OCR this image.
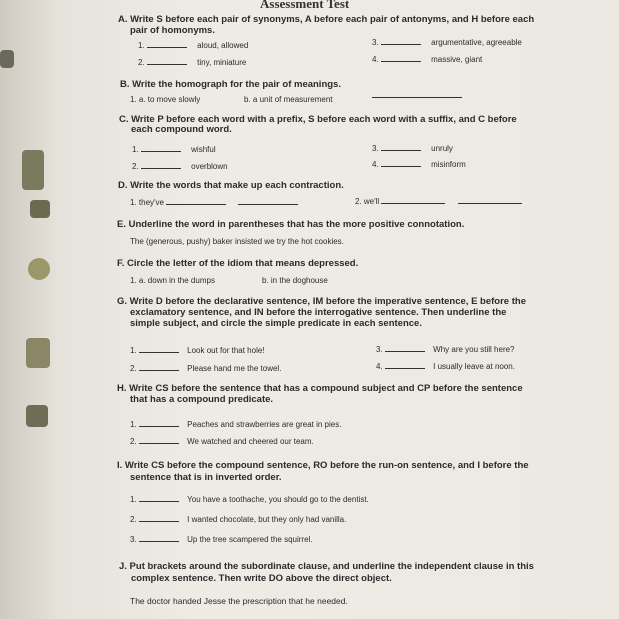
Assessment Test
A. Write S before each pair of synonyms, A before each pair of antonyms, and H before each
pair of homonyms.
1.	aloud, allowed
2.	tiny, miniature
3.	argumentative, agreeable
4.	massive, giant
B. Write the homograph for the pair of meanings.
1. a. to move slowly	b. a unit of measurement
C. Write P before each word with a prefix, S before each word with a suffix, and C before
each compound word.
1.	wishful
2.	overblown
3.	unruly
4.	misinform
D. Write the words that make up each contraction.
1. they've	2. we'll
E. Underline the word in parentheses that has the more positive connotation.
The (generous, pushy) baker insisted we try the hot cookies.
F. Circle the letter of the idiom that means depressed.
1. a. down in the dumps	b. in the doghouse
G. Write D before the declarative sentence, IM before the imperative sentence, E before the
exclamatory sentence, and IN before the interrogative sentence. Then underline the
simple subject, and circle the simple predicate in each sentence.
1.	Look out for that hole!
2.	Please hand me the towel.
3.	Why are you still here?
4.	I usually leave at noon.
H. Write CS before the sentence that has a compound subject and CP before the sentence
that has a compound predicate.
1.	Peaches and strawberries are great in pies.
2.	We watched and cheered our team.
I. Write CS before the compound sentence, RO before the run-on sentence, and I before the
sentence that is in inverted order.
1.	You have a toothache, you should go to the dentist.
2.	I wanted chocolate, but they only had vanilla.
3.	Up the tree scampered the squirrel.
J. Put brackets around the subordinate clause, and underline the independent clause in this
complex sentence. Then write DO above the direct object.
The doctor handed Jesse the prescription that he needed.
